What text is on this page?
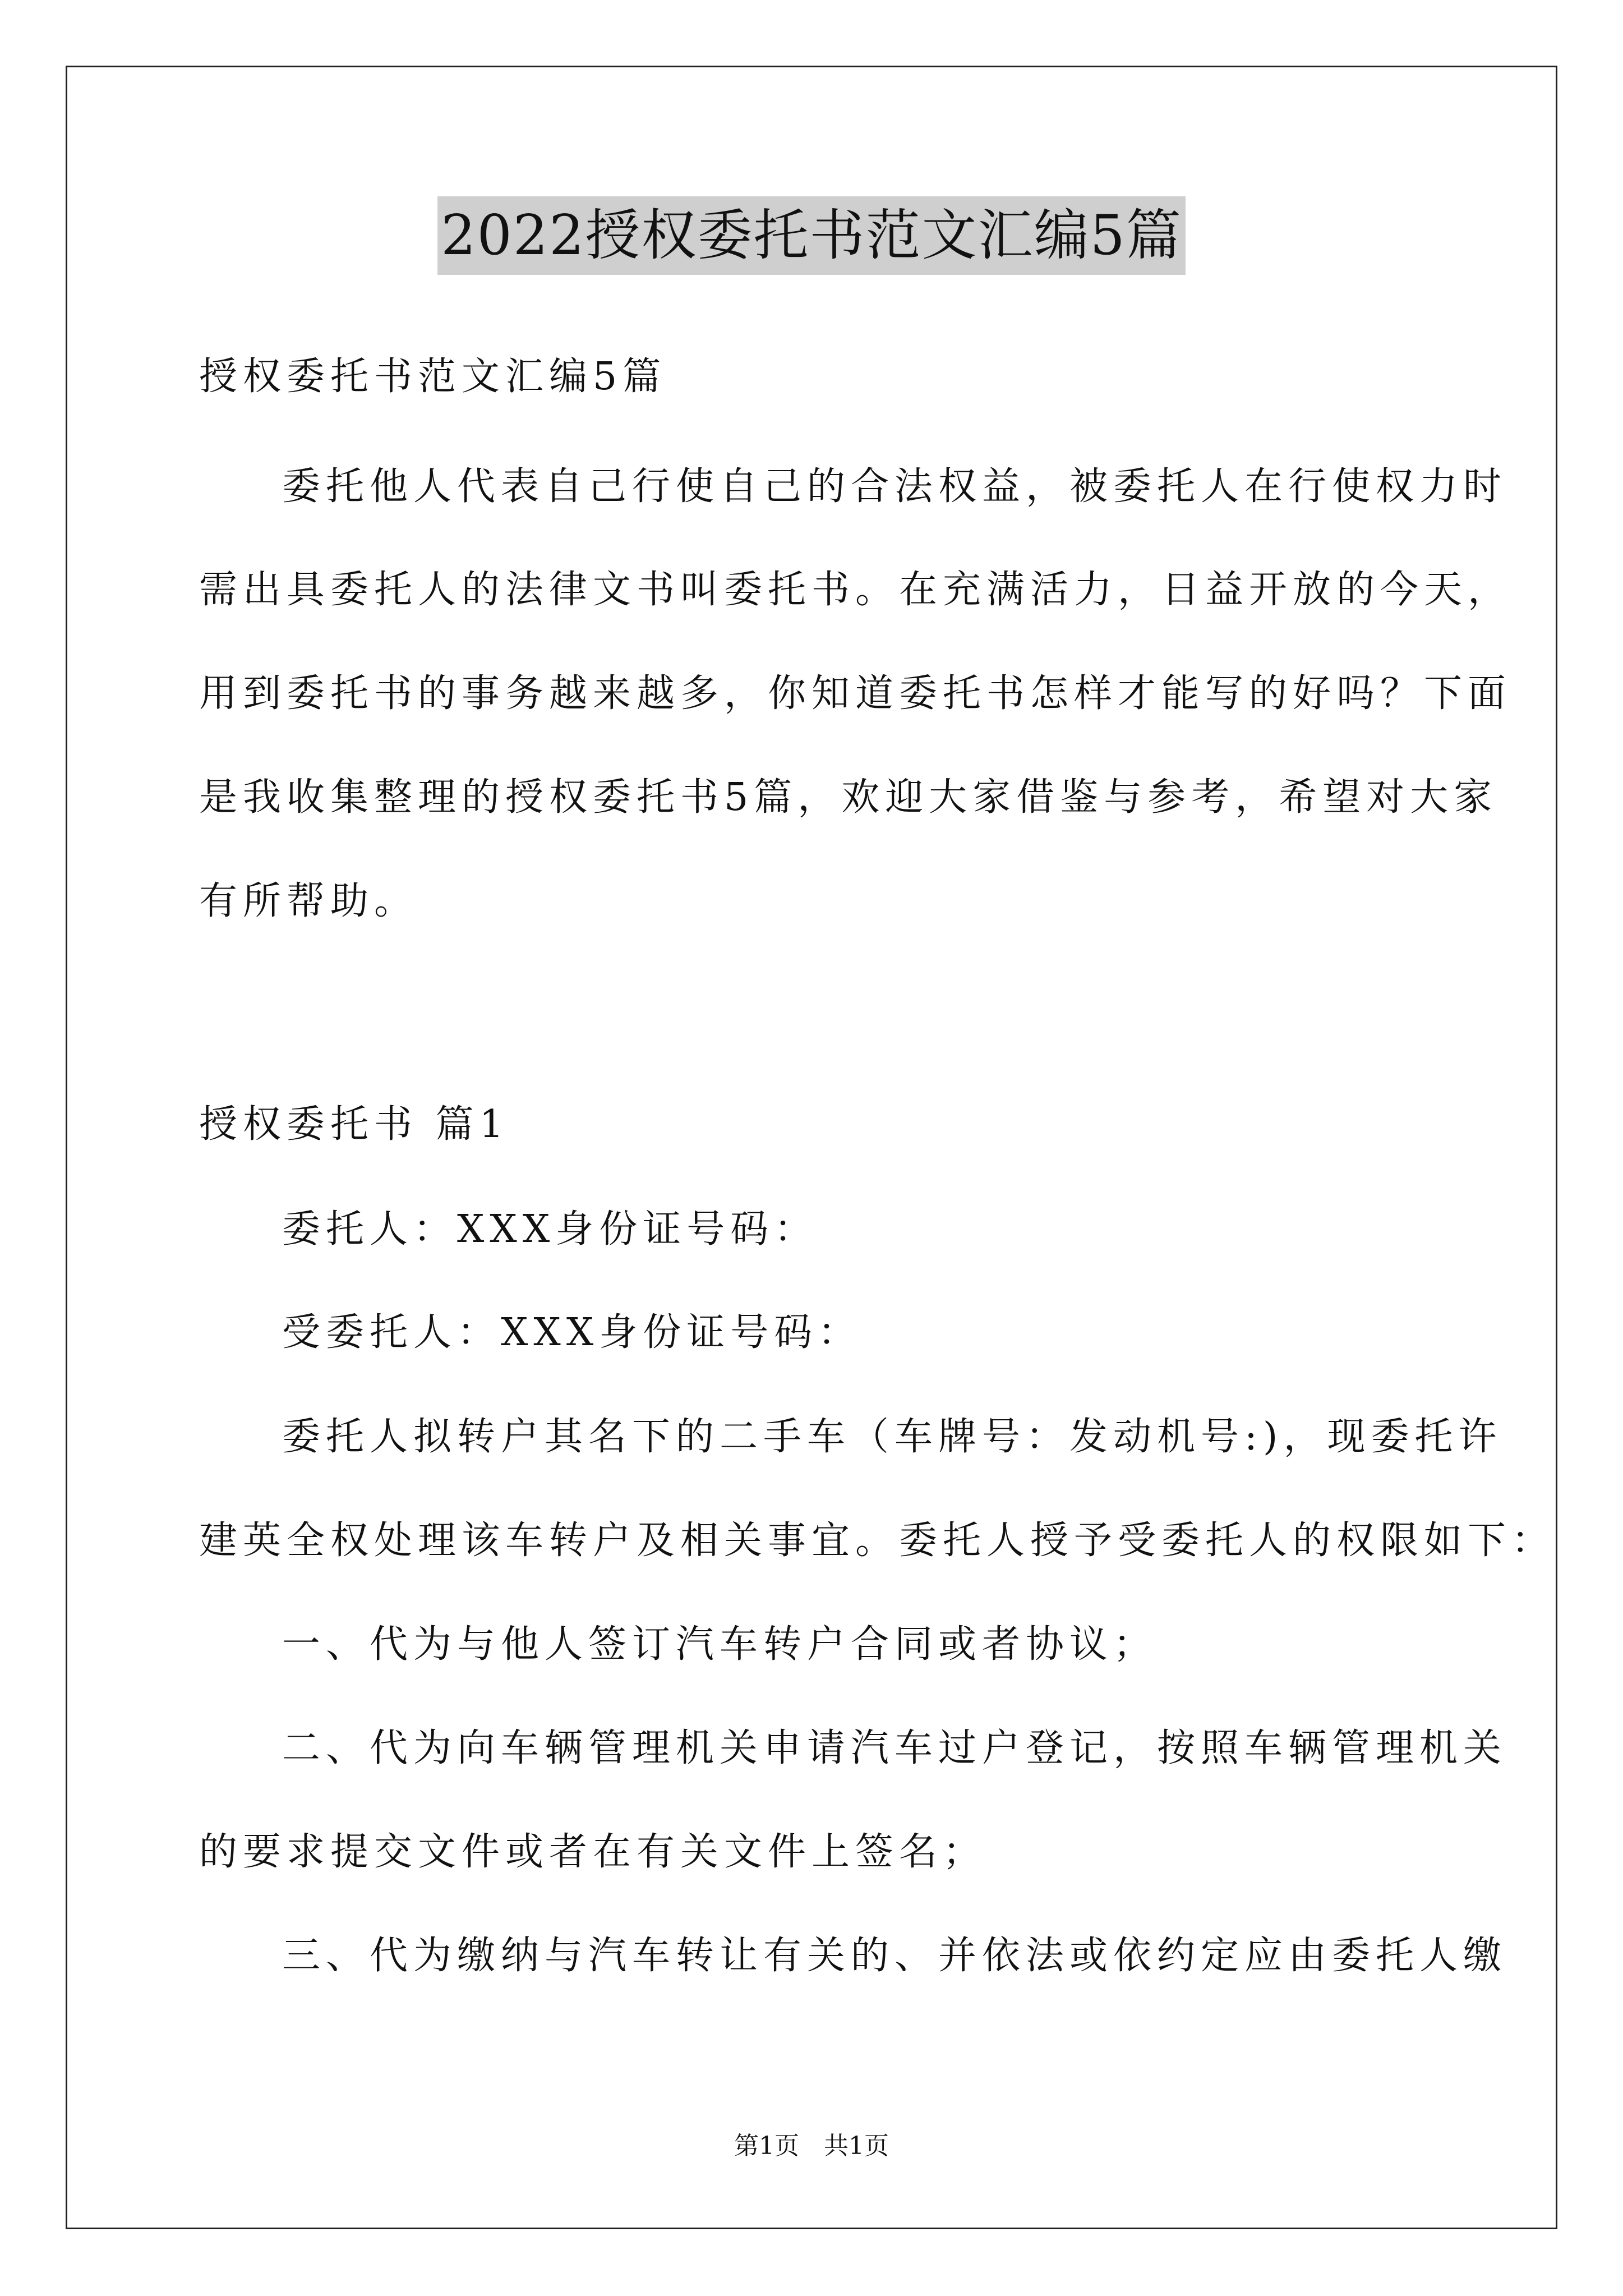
2022授权委托书范文汇编5篇
授权委托书范文汇编5篇
委托他人代表自己行使自己的合法权益，被委托人在行使权力时
需出具委托人的法律文书叫委托书。在充满活力，日益开放的今天，
用到委托书的事务越来越多，你知道委托书怎样才能写的好吗？下面
是我收集整理的授权委托书5篇，欢迎大家借鉴与参考，希望对大家
有所帮助。
授权委托书 篇1
委托人：XXX身份证号码：
受委托人：XXX身份证号码：
委托人拟转户其名下的二手车（车牌号：发动机号:)，现委托许
建英全权处理该车转户及相关事宜。委托人授予受委托人的权限如下：
一、代为与他人签订汽车转户合同或者协议；
二、代为向车辆管理机关申请汽车过户登记，按照车辆管理机关
的要求提交文件或者在有关文件上签名；
三、代为缴纳与汽车转让有关的、并依法或依约定应由委托人缴
第1页　共1页
